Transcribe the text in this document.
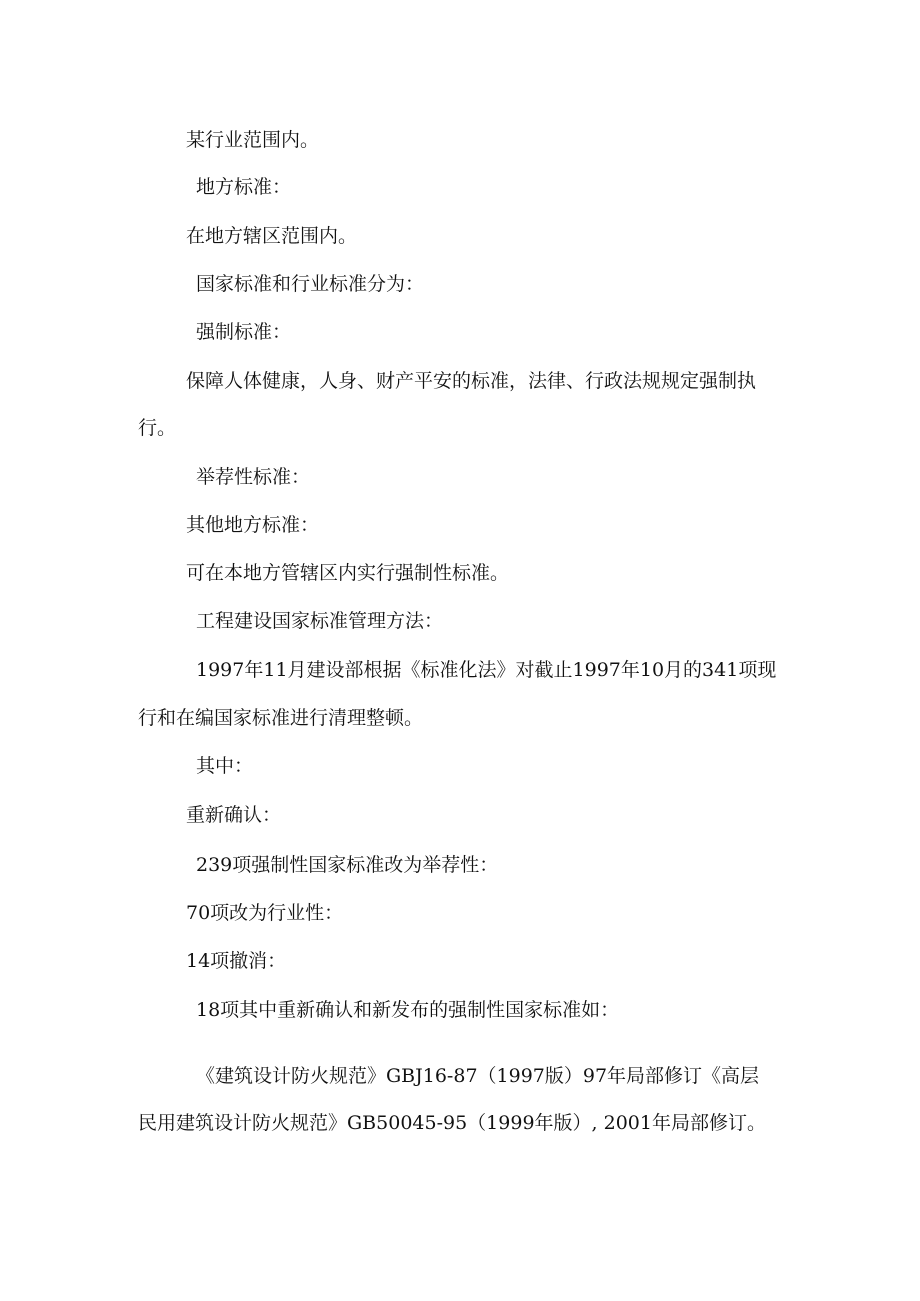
某行业范围内。
地方标准：
在地方辖区范围内。
国家标准和行业标准分为：
强制标准：
保障人体健康，人身、财产平安的标准，法律、行政法规规定强制执
行。
举荐性标准：
其他地方标准：
可在本地方管辖区内实行强制性标准。
工程建设国家标准管理方法：
1997年11月建设部根据《标准化法》对截止1997年10月的341项现
行和在编国家标准进行清理整顿。
其中：
重新确认：
239项强制性国家标准改为举荐性：
70项改为行业性：
14项撤消：
18项其中重新确认和新发布的强制性国家标准如：
《建筑设计防火规范》GBJ16-87（1997版）97年局部修订《高层
民用建筑设计防火规范》GB50045-95（1999年版）, 2001年局部修订。
